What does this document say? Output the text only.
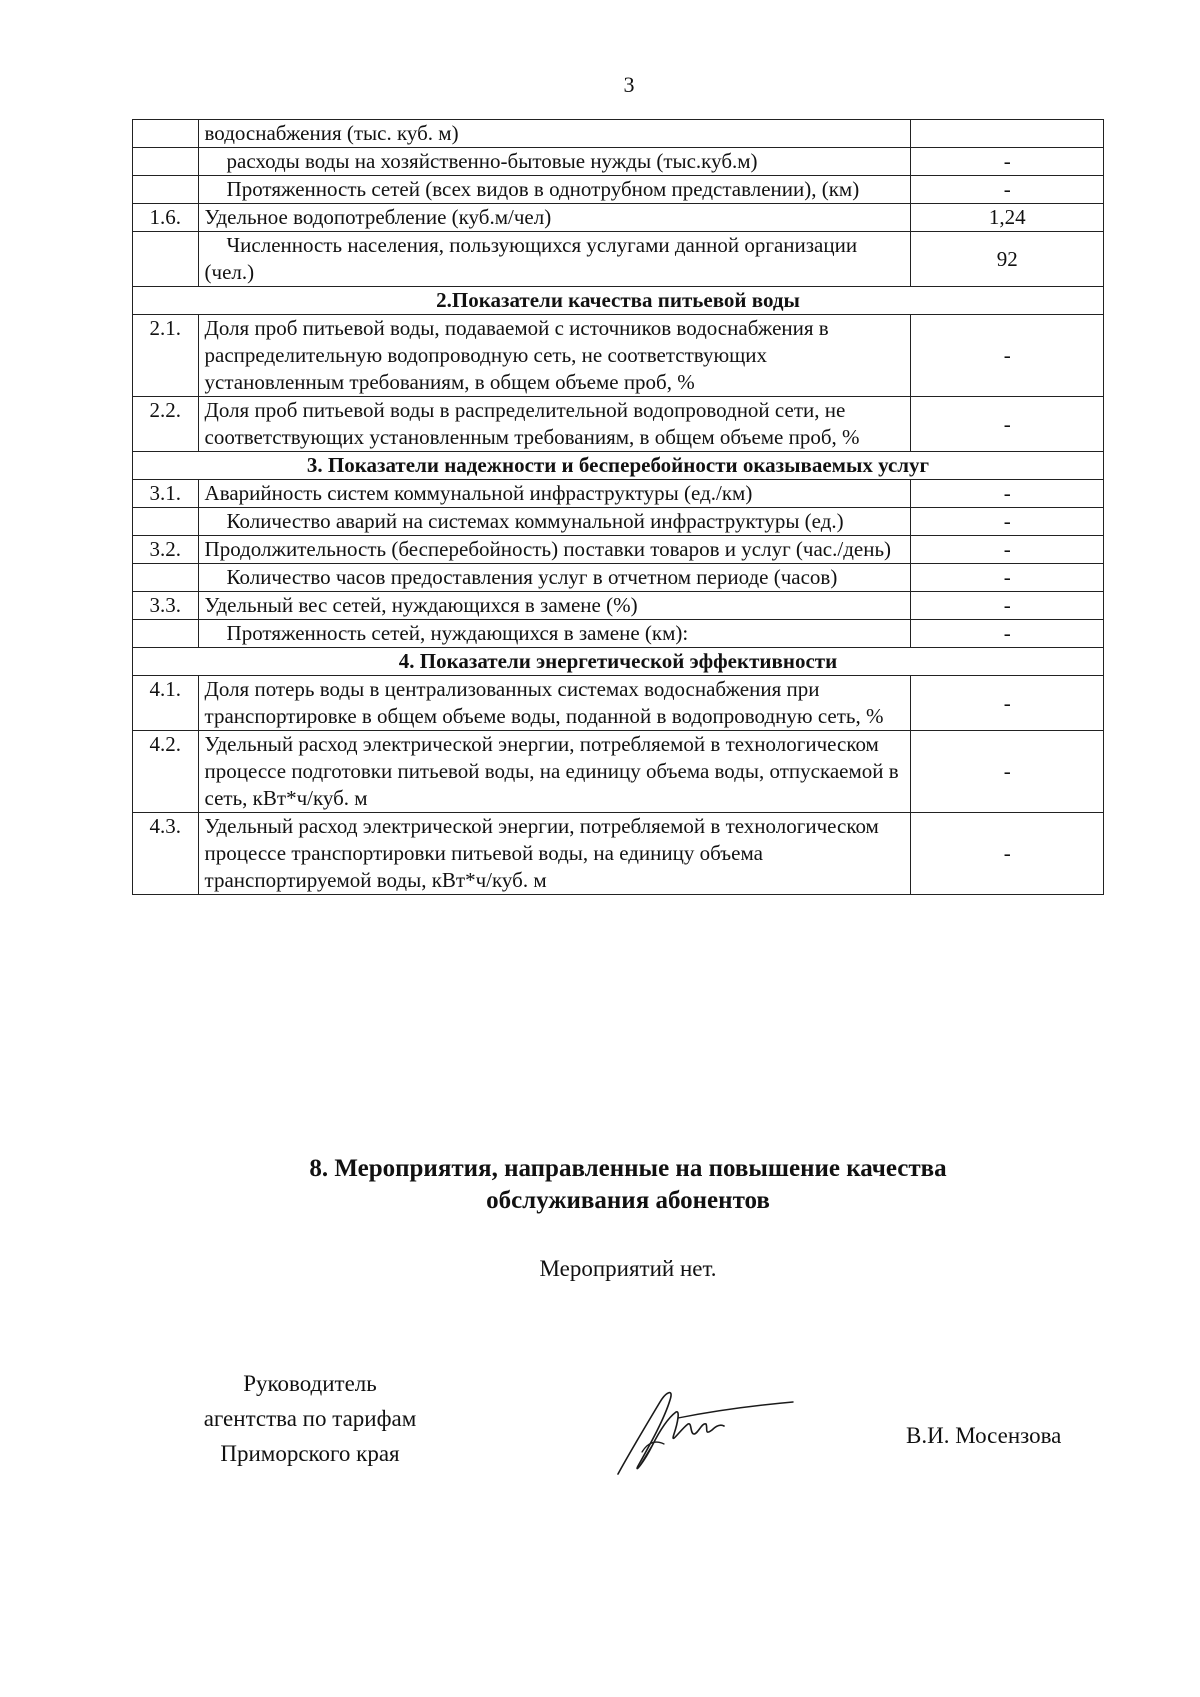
3
	водоснабжения (тыс. куб. м)	
	расходы воды на хозяйственно-бытовые нужды (тыс.куб.м)	-
	Протяженность сетей (всех видов в однотрубном представлении), (км)	-
1.6.	Удельное водопотребление (куб.м/чел)	1,24
	Численность населения, пользующихся услугами данной организации (чел.)	92
2.Показатели качества питьевой воды		
2.1.	Доля проб питьевой воды, подаваемой с источников водоснабжения в распределительную водопроводную сеть, не соответствующих установленным требованиям, в общем объеме проб, %	-
2.2.	Доля проб питьевой воды в распределительной водопроводной сети, не соответствующих установленным требованиям, в общем объеме проб, %	-
3. Показатели надежности и бесперебойности оказываемых услуг		
3.1.	Аварийность систем коммунальной инфраструктуры (ед./км)	-
	Количество аварий на системах коммунальной инфраструктуры (ед.)	-
3.2.	Продолжительность (бесперебойность) поставки товаров и услуг (час./день)	-
	Количество часов предоставления услуг в отчетном периоде (часов)	-
3.3.	Удельный вес сетей, нуждающихся в замене (%)	-
	Протяженность сетей, нуждающихся в замене (км):	-
4. Показатели энергетической эффективности		
4.1.	Доля потерь воды в централизованных системах водоснабжения при транспортировке в общем объеме воды, поданной в водопроводную сеть, %	-
4.2.	Удельный расход электрической энергии, потребляемой в технологическом процессе подготовки питьевой воды, на единицу объема воды, отпускаемой в сеть, кВт*ч/куб. м	-
4.3.	Удельный расход электрической энергии, потребляемой в технологическом процессе транспортировки питьевой воды, на единицу объема транспортируемой воды, кВт*ч/куб. м	-
8. Мероприятия, направленные на повышение качества
обслуживания абонентов
Мероприятий нет.
Руководитель
агентства по тарифам
Приморского края
В.И. Мосензова
